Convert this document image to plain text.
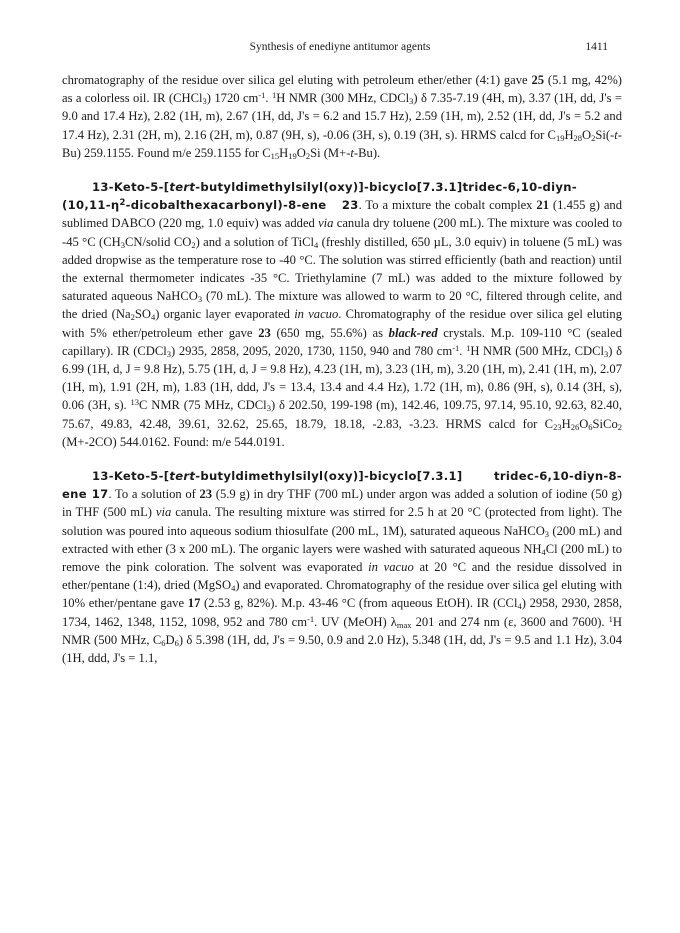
Synthesis of enediyne antitumor agents	1411

chromatography of the residue over silica gel eluting with petroleum ether/ether (4:1) gave 25 (5.1 mg, 42%) as a colorless oil. IR (CHCl$_3$) 1720 $cm^{-1}$. $^1$H NMR (300 MHz, CDCl$_3$) δ 7.35-7.19 (4H, m), 3.37 (1H, dd, J's = 9.0 and 17.4 Hz), 2.82 (1H, m), 2.67 (1H, dd, J's = 6.2 and 15.7 Hz), 2.59 (1H, m), 2.52 (1H, dd, J's = 5.2 and 17.4 Hz), 2.31 (2H, m), 2.16 (2H, m), 0.87 (9H, s), -0.06 (3H, s), 0.19 (3H, s). HRMS calcd for $C_{19}H_{28}O_2Si(-t-Bu)$ 259.1155. Found m/e 259.1155 for $C_{15}H_{19}O_2Si$ (M+-t-Bu).

$13-Keto-5-[tert-butyldimethylsilyl(oxy)]-bicyclo[7.3.1]tridec-6,10-diyn-(10,11-\eta^2-dicobalthexacarbonyl)-8$-ene 23. To a mixture the cobalt complex 21 (1.455 g) and sublimed DABCO (220 mg, 1.0 equiv) was added via canula dry toluene (200 mL). The mixture was cooled to -45 °C ($CH_3CN$/solid $CO_2$) and a solution of TiCl$_4$ (freshly distilled, 650 µL, 3.0 equiv) in toluene (5 mL) was added dropwise as the temperature rose to -40 °C. The solution was stirred efficiently (bath and reaction) until the external thermometer indicates -35 °C. Triethylamine (7 mL) was added to the mixture followed by saturated aqueous NaHCO$_3$ (70 mL). The mixture was allowed to warm to 20 °C, filtered through celite, and the dried $(Na_2SO_4)$ organic layer evaporated in vacuo. Chromatography of the residue over silica gel eluting with 5% ether/petroleum ether gave 23 (650 mg, 55.6%) as black-red crystals. M.p. 109-110 °C (sealed capillary). IR (CDCl$_3$) 2935, 2858, 2095, 2020, 1730, 1150, 940 and 780 $cm^{-1}$. $^1$H NMR (500 MHz, CDCl$_3$) δ 6.99 (1H, d, J = 9.8 Hz), 5.75 (1H, d, J = 9.8 Hz), 4.23 (1H, m), 3.23 (1H, m), 3.20 (1H, m), 2.41 (1H, m), 2.07 (1H, m), 1.91 (2H, m), 1.83 (1H, ddd, J's = 13.4, 13.4 and 4.4 Hz), 1.72 (1H, m), 0.86 (9H, s), 0.14 (3H, s), 0.06 (3H, s). $^{13}$C NMR (75 MHz, CDCl$_3$) δ 202.50, 199-198 (m), 142.46, 109.75, 97.14, 95.10, 92.63, 82.40, 75.67, 49.83, 42.48, 39.61, 32.62, 25.65, 18.79, 18.18, -2.83, -3.23. HRMS calcd for $C_{23}H_{26}O_6SiCo_2$ (M+-2CO) 544.0162. Found: m/e 544.0191.

13-Keto-5-[tert-butyldimethylsilyl(oxy)]-bicyclo[7.3.1]     tridec-6,10-diyn-8-ene 17. To a solution of 23 (5.9 g) in dry THF (700 mL) under argon was added a solution of iodine (50 g) in THF (500 mL) via canula. The resulting mixture was stirred for 2.5 h at 20 °C (protected from light). The solution was poured into aqueous sodium thiosulfate (200 mL, 1M), saturated aqueous NaHCO$_3$ (200 mL) and extracted with ether (3 x 200 mL). The organic layers were washed with saturated aqueous $NH_4Cl$ (200 mL) to remove the pink coloration. The solvent was evaporated in vacuo at 20 °C and the residue dissolved in ether/pentane (1:4), dried (MgSO$_4$) and evaporated. Chromatography of the residue over silica gel eluting with 10% ether/pentane gave 17 (2.53 g, 82%). M.p. 43-46 °C (from aqueous EtOH). IR (CCl$_4$) 2958, 2930, 2858, 1734, 1462, 1348, 1152, 1098, 952 and 780 $cm^{-1}$. UV (MeOH) $\lambda_{max}$ 201 and 274 nm (ε, 3600 and 7600). $^1$H NMR (500 MHz, $C_6D_6$) δ 5.398 (1H, dd, J's = 9.50, 0.9 and 2.0 Hz), 5.348 (1H, dd, J's = 9.5 and 1.1 Hz), 3.04 (1H, ddd, J's = 1.1,
